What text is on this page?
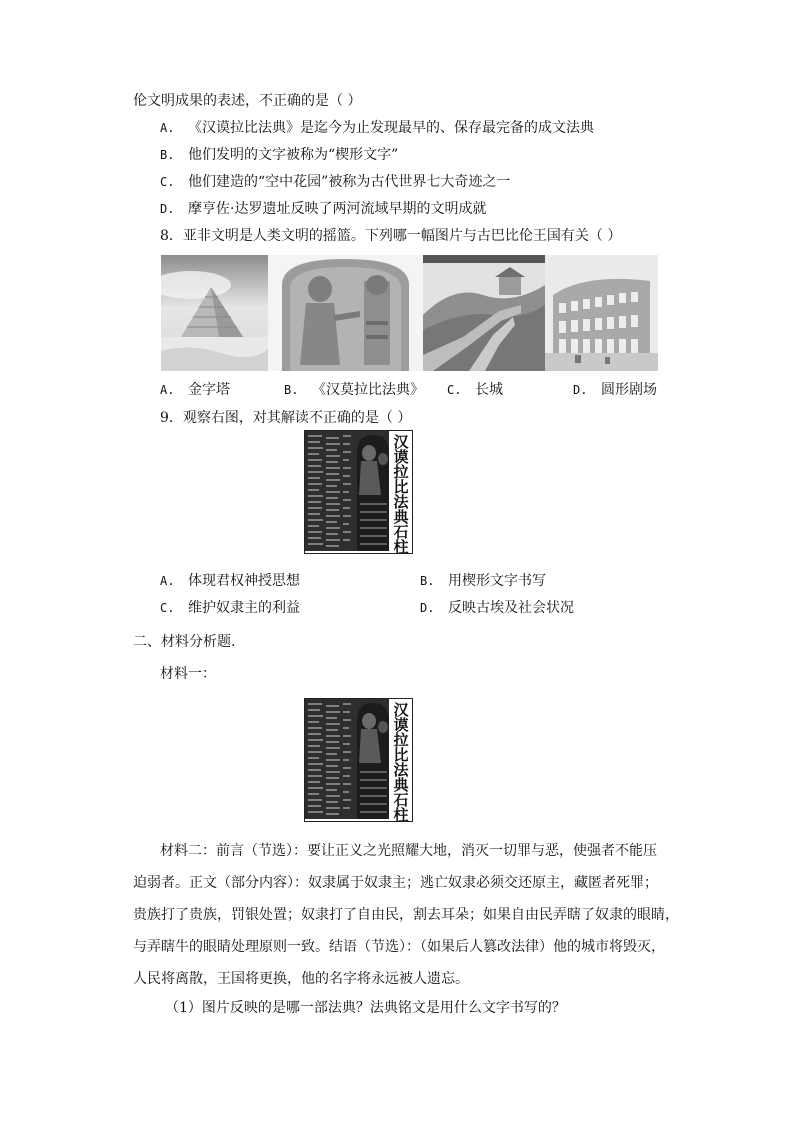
伦文明成果的表述，不正确的是（ ）
A. 《汉谟拉比法典》是迄今为止发现最早的、保存最完备的成文法典
B. 他们发明的文字被称为“楔形文字”
C. 他们建造的“空中花园”被称为古代世界七大奇迹之一
D. 摩亨佐·达罗遗址反映了两河流域早期的文明成就
8．亚非文明是人类文明的摇篮。下列哪一幅图片与古巴比伦王国有关（ ）
A. 金字塔	B. 《汉莫拉比法典》 C. 长城	D. 圆形剧场
9．观察右图，对其解读不正确的是（ ）
汉
谟
拉
比
法
典
石
柱
A. 体现君权神授思想	B. 用楔形文字书写
C. 维护奴隶主的利益	D. 反映古埃及社会状况
二、材料分析题.
材料一：
汉
谟
拉
比
法
典
石
柱
材料二：前言（节选）：要让正义之光照耀大地，消灭一切罪与恶，使强者不能压
迫弱者。正文（部分内容）：奴隶属于奴隶主；逃亡奴隶必须交还原主，藏匿者死罪；
贵族打了贵族，罚银处置；奴隶打了自由民，割去耳朵；如果自由民弄瞎了奴隶的眼睛，
与弄瞎牛的眼睛处理原则一致。结语（节选）：（如果后人篡改法律）他的城市将毁灭，
人民将离散，王国将更换，他的名字将永远被人遗忘。
（1）图片反映的是哪一部法典？法典铭文是用什么文字书写的？
